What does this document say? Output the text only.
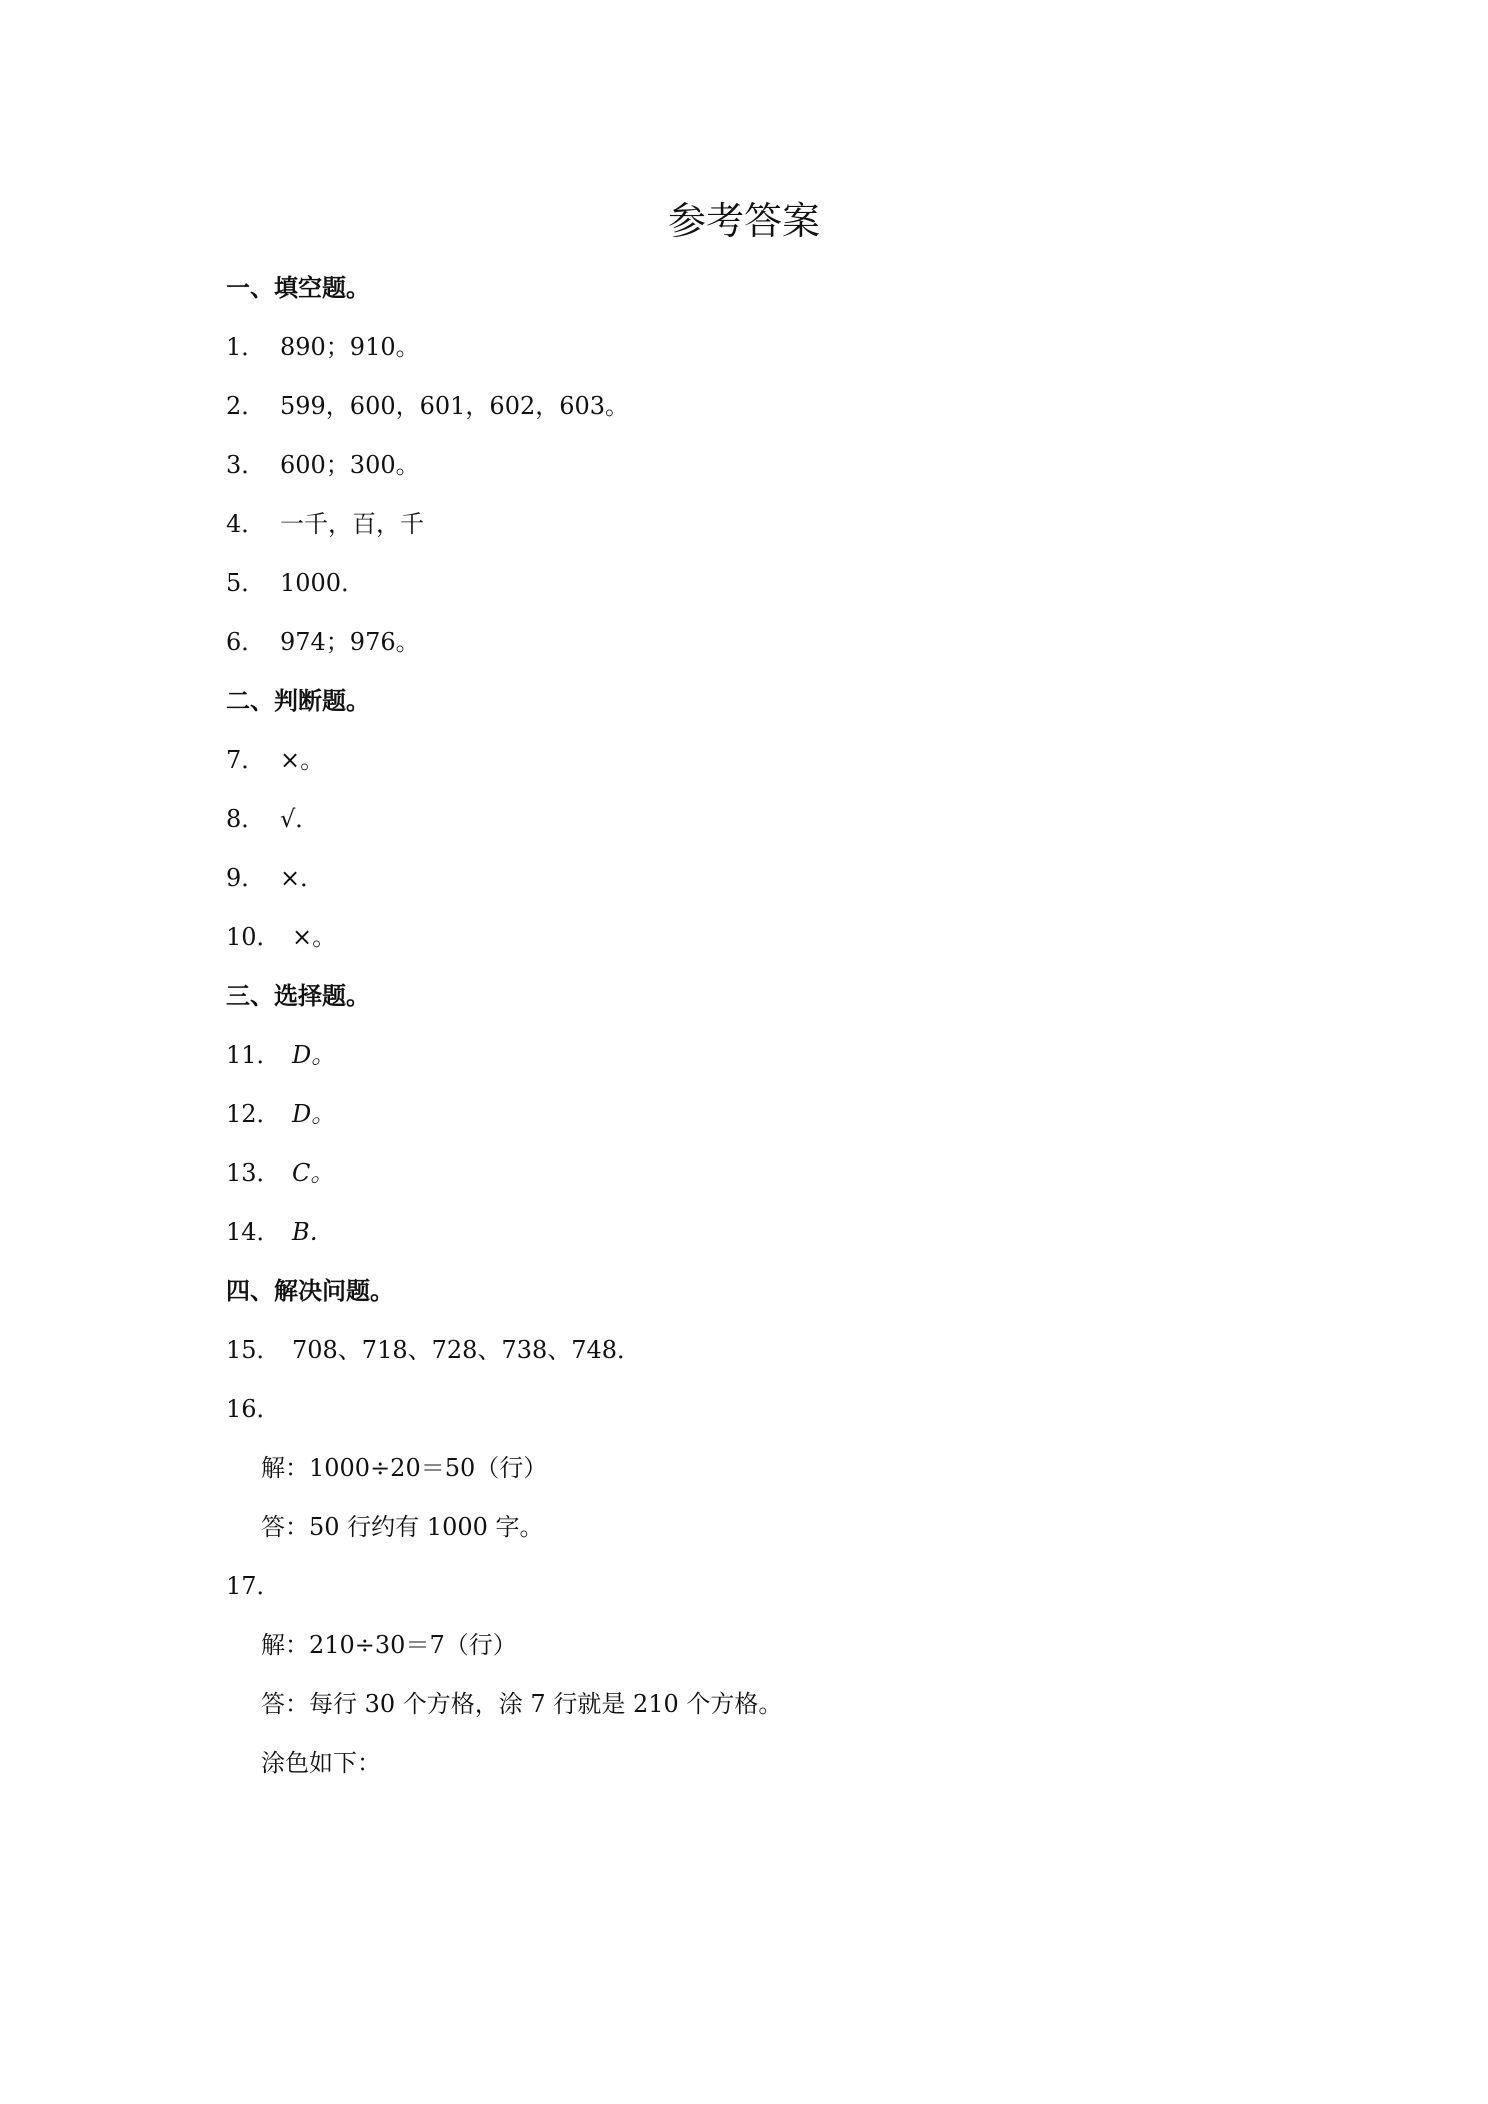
参考答案
一、填空题。
1． 890；910。
2． 599，600，601，602，603。
3． 600；300。
4． 一千，百，千
5． 1000．
6． 974；976。
二、判断题。
7． ×。
8． √．
9． ×．
10． ×。
三、选择题。
11． D。
12． D。
13． C。
14． B．
四、解决问题。
15． 708、718、728、738、748．
16．
解：1000÷20＝50（行）
答：50 行约有 1000 字。
17．
解：210÷30＝7（行）
答：每行 30 个方格，涂 7 行就是 210 个方格。
涂色如下：
